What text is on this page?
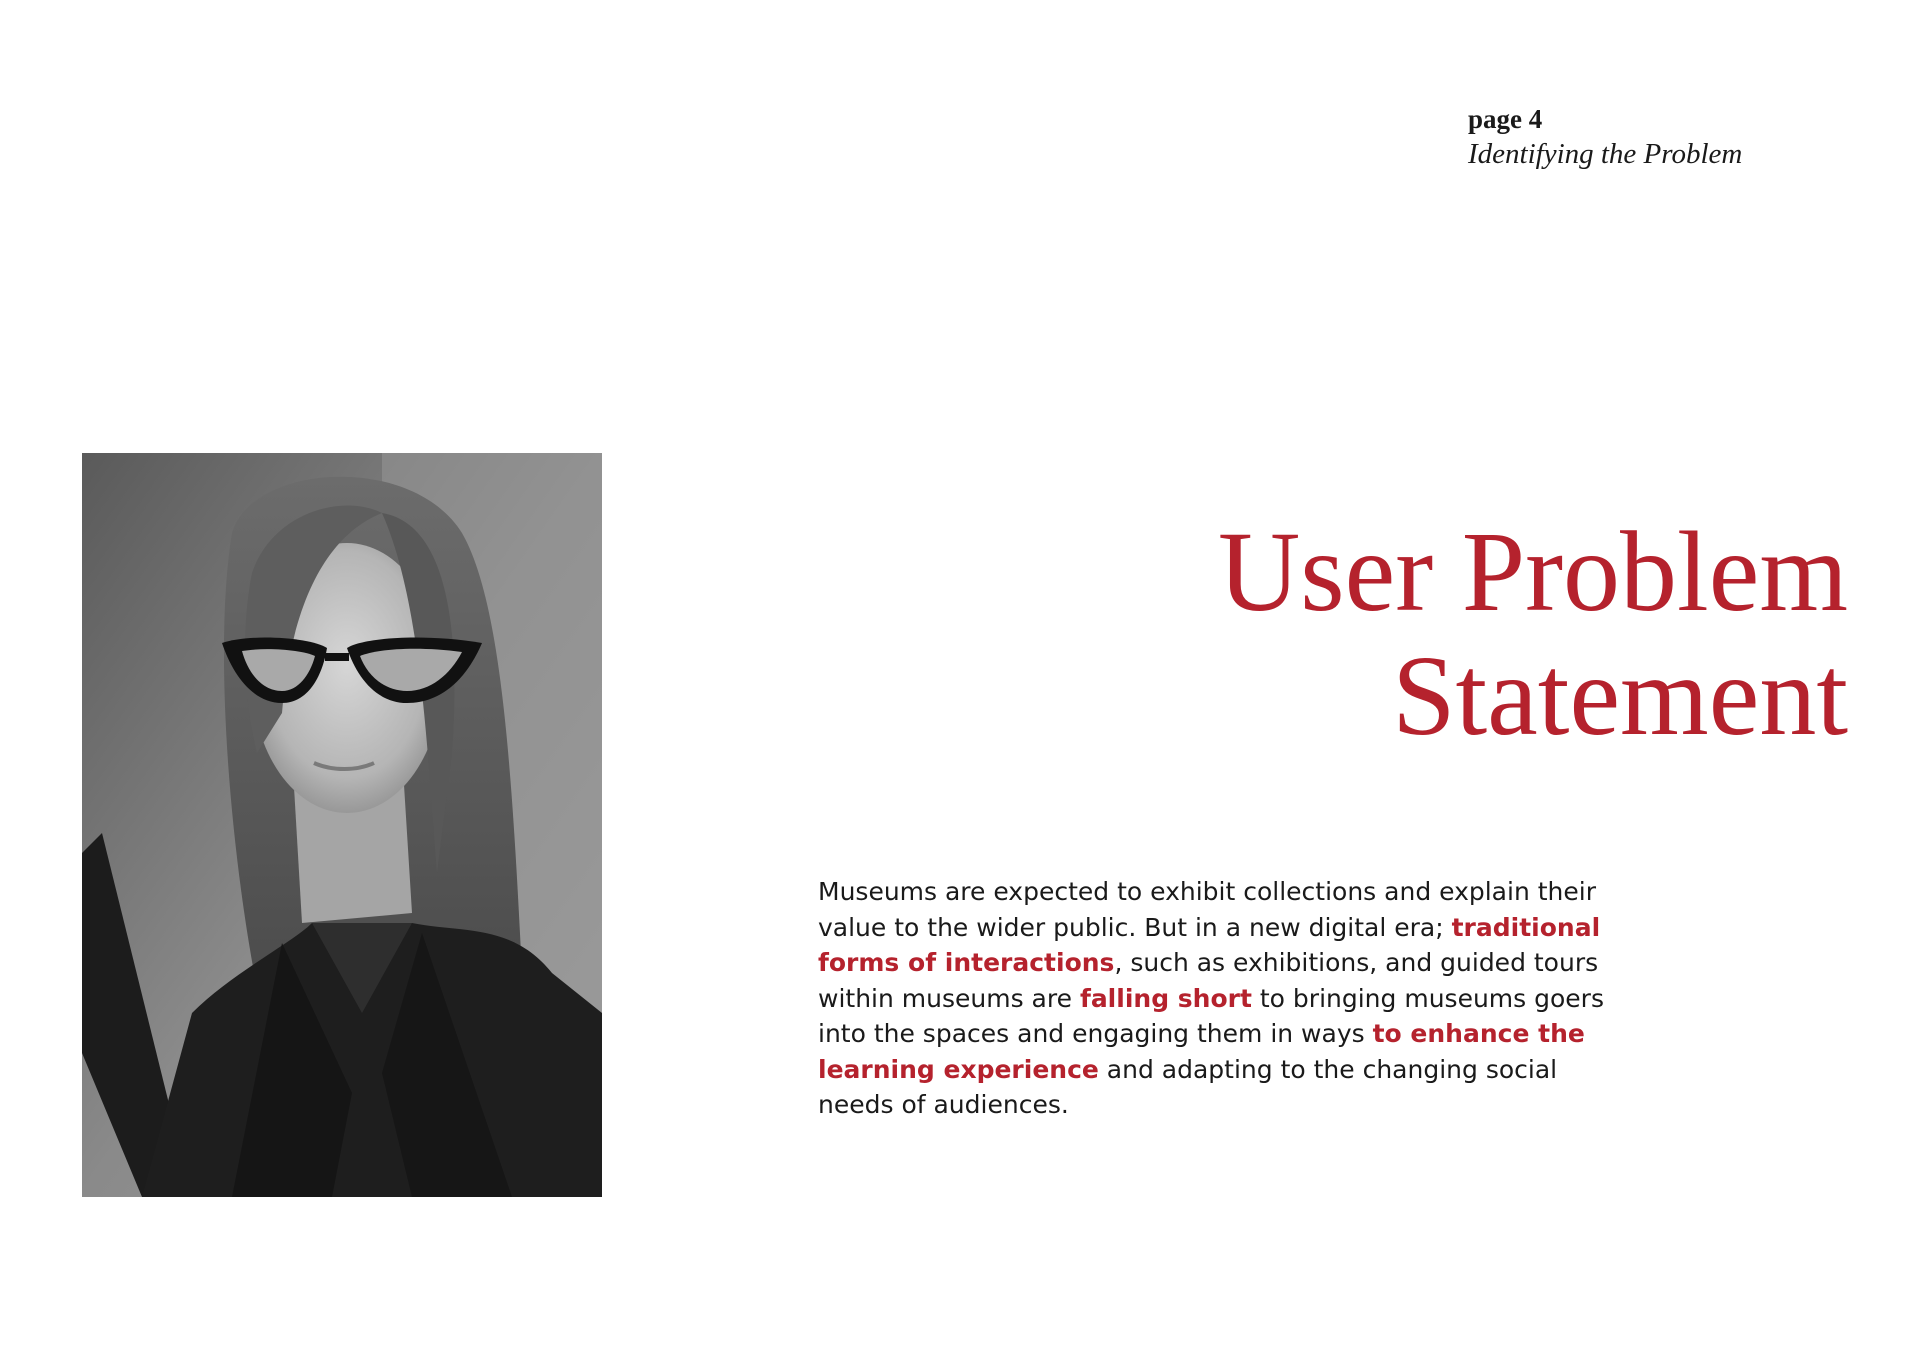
page 4
Identifying the Problem
User Problem
Statement

Museums are expected to exhibit collections and explain their value to the wider public. But in a new digital era; traditional forms of interactions, such as exhibitions, and guided tours within museums are falling short to bringing museums goers into the spaces and engaging them in ways to enhance the learning experience and adapting to the changing social needs of audiences.
